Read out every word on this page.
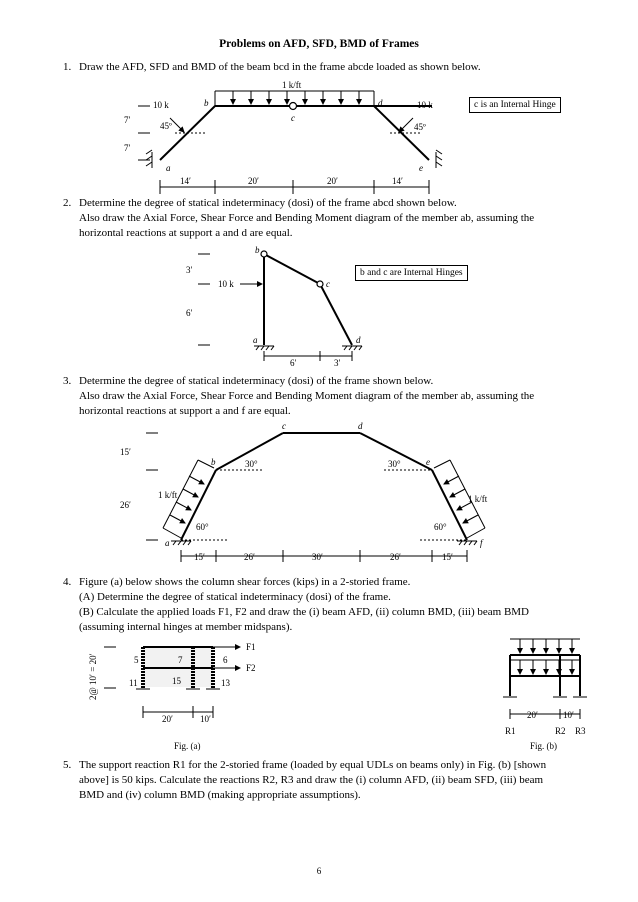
Problems on AFD, SFD, BMD of Frames
1. Draw the AFD, SFD and BMD of the beam bcd in the frame abcde loaded as shown below.
2. Determine the degree of statical indeterminacy (dosi) of the frame abcd shown below.
Also draw the Axial Force, Shear Force and Bending Moment diagram of the member ab, assuming the
horizontal reactions at support a and d are equal.
3. Determine the degree of statical indeterminacy (dosi) of the frame shown below.
Also draw the Axial Force, Shear Force and Bending Moment diagram of the member ab, assuming the
horizontal reactions at support a and f are equal.
4. Figure (a) below shows the column shear forces (kips) in a 2-storied frame.
(A) Determine the degree of statical indeterminacy (dosi) of the frame.
(B) Calculate the applied loads F1, F2 and draw the (i) beam AFD, (ii) column BMD, (iii) beam BMD
(assuming internal hinges at member midspans).
5. The support reaction R1 for the 2-storied frame (loaded by equal UDLs on beams only) in Fig. (b) [shown
above] is 50 kips. Calculate the reactions R2, R3 and draw the (i) column AFD, (ii) beam SFD, (iii) beam
BMD and (iv) column BMD (making appropriate assumptions).
c is an Internal Hinge
b and c are Internal Hinges
1 k/ft
10 k	10 k
45º	45º
7′
7′
14′	20′	20′	14′
a
b
c
d
e
10 k
3′
6′
6′	3′
a
b
c
d
15′
26′
1 k/ft	1 k/ft
30°	30°
60°	60°
15′	26′	30′	26′	15′
a
b
c	d
e
f
2@ 10′ = 20′	5	7	6
11	15	13
F1
F2
20′	10′
Fig. (a)
20′	10′
R1	R2 R3
Fig. (b)
6
